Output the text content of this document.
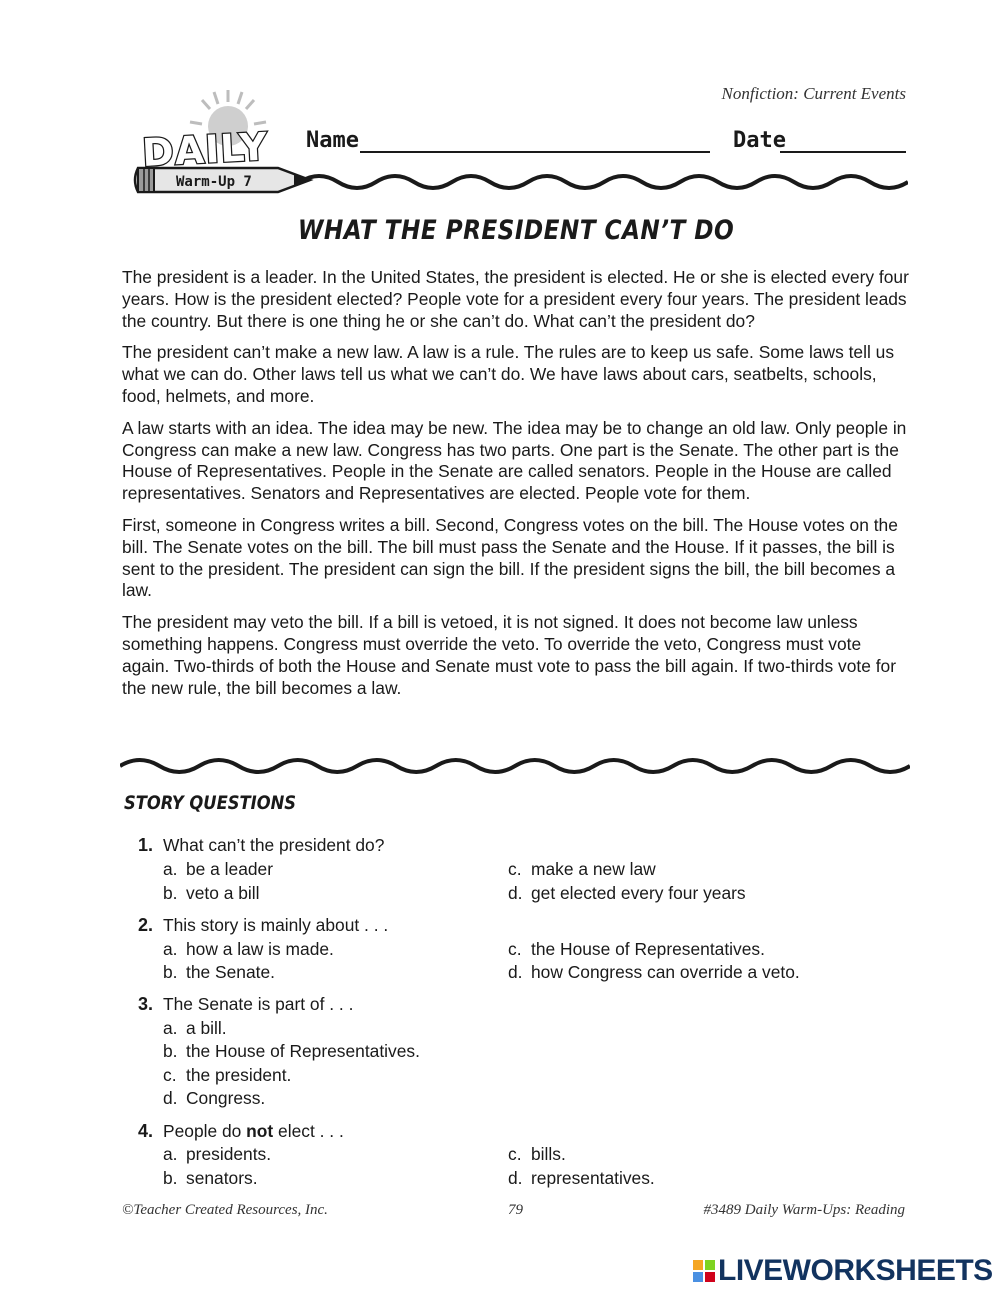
Nonfiction: Current Events
DAILY
Warm-Up 7
Name	Date
WHAT THE PRESIDENT CAN’T DO

The president is a leader. In the United States, the president is elected. He or she is elected every four years. How is the president elected? People vote for a president every four years. The president leads the country. But there is one thing he or she can’t do. What can’t the president do?

The president can’t make a new law. A law is a rule. The rules are to keep us safe. Some laws tell us what we can do. Other laws tell us what we can’t do. We have laws about cars, seatbelts, schools, food, helmets, and more.

A law starts with an idea. The idea may be new. The idea may be to change an old law. Only people in Congress can make a new law. Congress has two parts. One part is the Senate. The other part is the House of Representatives. People in the Senate are called senators. People in the House are called representatives. Senators and Representatives are elected. People vote for them.

First, someone in Congress writes a bill. Second, Congress votes on the bill. The House votes on the bill. The Senate votes on the bill. The bill must pass the Senate and the House. If it passes, the bill is sent to the president. The president can sign the bill. If the president signs the bill, the bill becomes a law.

The president may veto the bill. If a bill is vetoed, it is not signed. It does not become law unless something happens. Congress must override the veto. To override the veto, Congress must vote again. Two-thirds of both the House and Senate must vote to pass the bill again. If two-thirds vote for the new rule, the bill becomes a law.

STORY QUESTIONS
1. What can’t the president do?
a. be a leader
b. veto a bill
c. make a new law
d. get elected every four years
2. This story is mainly about . . .
a. how a law is made.
b. the Senate.
c. the House of Representatives.
d. how Congress can override a veto.
3. The Senate is part of . . .
a. a bill.
b. the House of Representatives.
c. the president.
d. Congress.
4. People do not elect . . .
a. presidents.
b. senators.
c. bills.
d. representatives.
©Teacher Created Resources, Inc.	79	#3489 Daily Warm-Ups: Reading
LIVEWORKSHEETS
